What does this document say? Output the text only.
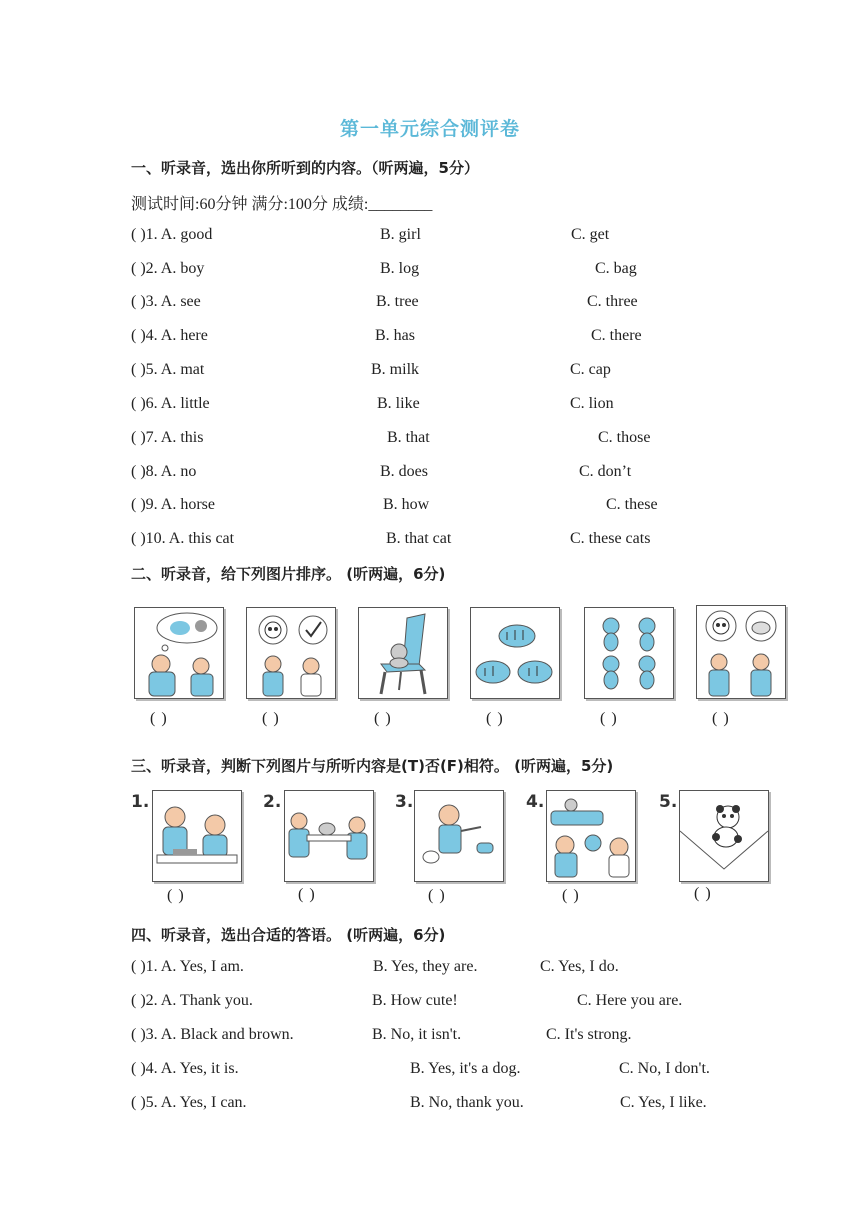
第一单元综合测评卷
一、听录音，选出你所听到的内容。（听两遍，5分）
测试时间:60分钟 满分:100分 成绩:________
( )1. A. good	B. girl	C. get
( )2. A. boy	B. log	C. bag
( )3. A. see	B. tree	C. three
( )4. A. here	B. has	C. there
( )5. A. mat	B. milk	C. cap
( )6. A. little	B. like	C. lion
( )7. A. this	B. that	C. those
( )8. A. no	B. does	C. don’t
( )9. A. horse	B. how	C. these
( )10. A. this cat	B. that cat	C. these cats
二、听录音，给下列图片排序。 (听两遍，6分)
( )	( )	( )	( )	( )	( )
三、听录音，判断下列图片与所听内容是(T)否(F)相符。 (听两遍，5分)
1.	2.	3.	4.	5.
( )	( )	( )	( )	( )
四、听录音，选出合适的答语。 (听两遍，6分)
( )1. A. Yes, I am.	B. Yes, they are.	C. Yes, I do.
( )2. A. Thank you.	B. How cute!	C. Here you are.
( )3. A. Black and brown.	B. No, it isn't.	C. It's strong.
( )4. A. Yes, it is.	B. Yes, it's a dog.	C. No, I don't.
( )5. A. Yes, I can.	B. No, thank you.	C. Yes, I like.
